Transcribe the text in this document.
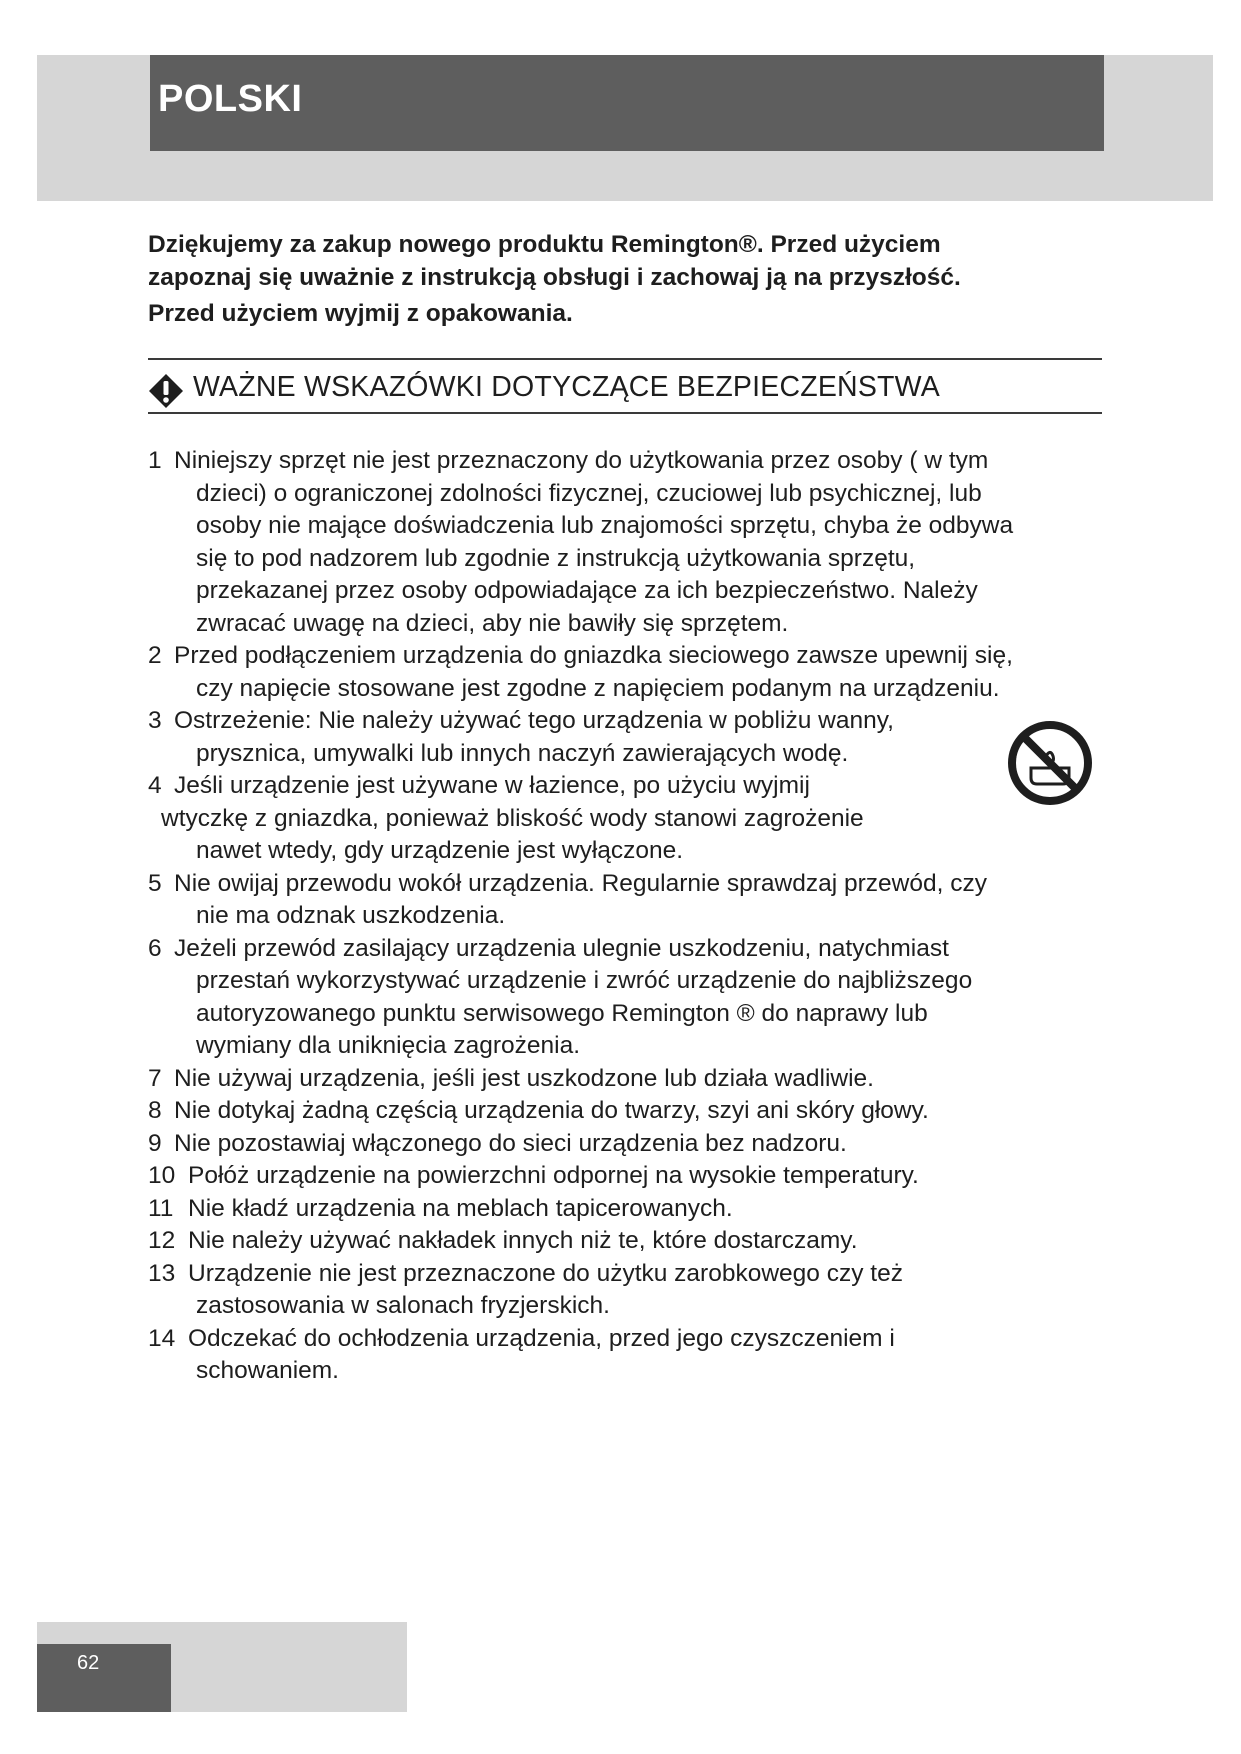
POLSKI

Dziękujemy za zakup nowego produktu Remington®. Przed użyciem

zapoznaj się uważnie z instrukcją obsługi i zachowaj ją na przyszłość.

Przed użyciem wyjmij z opakowania.

WAŻNE WSKAZÓWKI DOTYCZĄCE BEZPIECZEŃSTWA
1 Niniejszy sprzęt nie jest przeznaczony do użytkowania przez osoby ( w tym
dzieci) o ograniczonej zdolności fizycznej, czuciowej lub psychicznej, lub
osoby nie mające doświadczenia lub znajomości sprzętu, chyba że odbywa
się to pod nadzorem lub zgodnie z instrukcją użytkowania sprzętu,
przekazanej przez osoby odpowiadające za ich bezpieczeństwo. Należy
zwracać uwagę na dzieci, aby nie bawiły się sprzętem.
2 Przed podłączeniem urządzenia do gniazdka sieciowego zawsze upewnij się,
czy napięcie stosowane jest zgodne z napięciem podanym na urządzeniu.
3 Ostrzeżenie: Nie należy używać tego urządzenia w pobliżu wanny,
prysznica, umywalki lub innych naczyń zawierających wodę.
4 Jeśli urządzenie jest używane w łazience, po użyciu wyjmij
wtyczkę z gniazdka, ponieważ bliskość wody stanowi zagrożenie
nawet wtedy, gdy urządzenie jest wyłączone.
5 Nie owijaj przewodu wokół urządzenia. Regularnie sprawdzaj przewód, czy
nie ma odznak uszkodzenia.
6 Jeżeli przewód zasilający urządzenia ulegnie uszkodzeniu, natychmiast
przestań wykorzystywać urządzenie i zwróć urządzenie do najbliższego
autoryzowanego punktu serwisowego Remington ® do naprawy lub
wymiany dla uniknięcia zagrożenia.
7 Nie używaj urządzenia, jeśli jest uszkodzone lub działa wadliwie.
8 Nie dotykaj żadną częścią urządzenia do twarzy, szyi ani skóry głowy.
9 Nie pozostawiaj włączonego do sieci urządzenia bez nadzoru.
10 Połóż urządzenie na powierzchni odpornej na wysokie temperatury.
11 Nie kładź urządzenia na meblach tapicerowanych.
12 Nie należy używać nakładek innych niż te, które dostarczamy.
13 Urządzenie nie jest przeznaczone do użytku zarobkowego czy też
zastosowania w salonach fryzjerskich.
14 Odczekać do ochłodzenia urządzenia, przed jego czyszczeniem i
schowaniem.

62
